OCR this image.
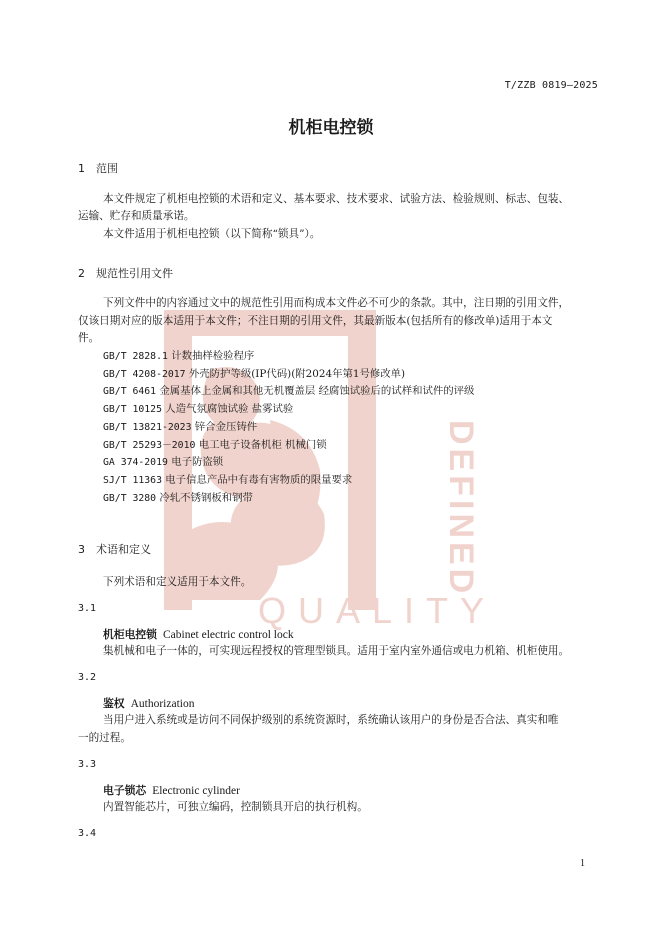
DEFINED
QUALITY
T/ZZB 0819—2025
机柜电控锁
1 范围
本文件规定了机柜电控锁的术语和定义、基本要求、技术要求、试验方法、检验规则、标志、包装、
运输、贮存和质量承诺。
本文件适用于机柜电控锁（以下简称“锁具”）。
2 规范性引用文件
下列文件中的内容通过文中的规范性引用而构成本文件必不可少的条款。其中，注日期的引用文件，
仅该日期对应的版本适用于本文件；不注日期的引用文件，其最新版本(包括所有的修改单)适用于本文
件。
GB/T 2828.1 计数抽样检验程序
GB/T 4208-2017 外壳防护等级(IP代码)(附2024年第1号修改单)
GB/T 6461 金属基体上金属和其他无机覆盖层 经腐蚀试验后的试样和试件的评级
GB/T 10125 人造气氛腐蚀试验 盐雾试验
GB/T 13821-2023 锌合金压铸件
GB/T 25293－2010 电工电子设备机柜 机械门锁
GA 374-2019 电子防盗锁
SJ/T 11363 电子信息产品中有毒有害物质的限量要求
GB/T 3280 冷轧不锈钢板和钢带
3 术语和定义
下列术语和定义适用于本文件。
3.1
机柜电控锁 Cabinet electric control lock
集机械和电子一体的，可实现远程授权的管理型锁具。适用于室内室外通信或电力机箱、机柜使用。
3.2
鉴权 Authorization
当用户进入系统或是访问不同保护级别的系统资源时，系统确认该用户的身份是否合法、真实和唯
一的过程。
3.3
电子锁芯 Electronic cylinder
内置智能芯片，可独立编码，控制锁具开启的执行机构。
3.4
1
